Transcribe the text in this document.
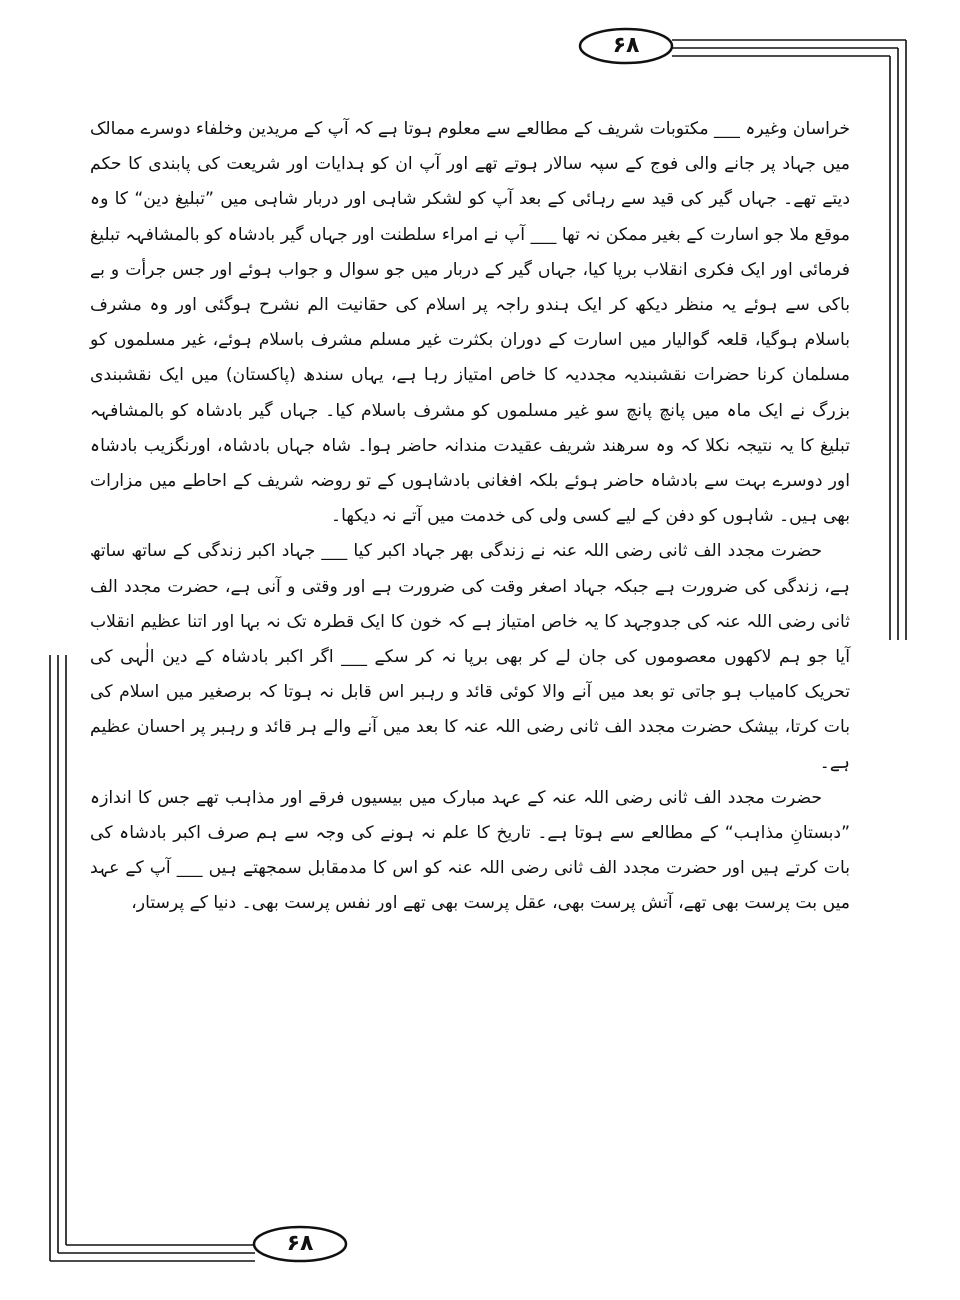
۶۸
۶۸

خراسان وغیرہ ___ مکتوبات شریف کے مطالعے سے معلوم ہوتا ہے کہ آپ کے مریدین وخلفاء دوسرے ممالک میں جہاد پر جانے والی فوج کے سپہ سالار ہوتے تھے اور آپ ان کو ہدایات اور شریعت کی پابندی کا حکم دیتے تھے۔ جہاں گیر کی قید سے رہائی کے بعد آپ کو لشکر شاہی اور دربار شاہی میں ”تبلیغ دین“ کا وہ موقع ملا جو اسارت کے بغیر ممکن نہ تھا ___ آپ نے امراء سلطنت اور جہاں گیر بادشاہ کو بالمشافہہ تبلیغ فرمائی اور ایک فکری انقلاب برپا کیا، جہاں گیر کے دربار میں جو سوال و جواب ہوئے اور جس جرأت و بے باکی سے ہوئے یہ منظر دیکھ کر ایک ہندو راجہ پر اسلام کی حقانیت الم نشرح ہوگئی اور وہ مشرف باسلام ہوگیا، قلعہ گوالیار میں اسارت کے دوران بکثرت غیر مسلم مشرف باسلام ہوئے، غیر مسلموں کو مسلمان کرنا حضرات نقشبندیہ مجددیہ کا خاص امتیاز رہا ہے، یہاں سندھ (پاکستان) میں ایک نقشبندی بزرگ نے ایک ماہ میں پانچ پانچ سو غیر مسلموں کو مشرف باسلام کیا۔ جہاں گیر بادشاہ کو بالمشافہہ تبلیغ کا یہ نتیجہ نکلا کہ وہ سرھند شریف عقیدت مندانہ حاضر ہوا۔ شاہ جہاں بادشاہ، اورنگزیب بادشاہ اور دوسرے بہت سے بادشاہ حاضر ہوئے بلکہ افغانی بادشاہوں کے تو روضہ شریف کے احاطے میں مزارات بھی ہیں۔ شاہوں کو دفن کے لیے کسی ولی کی خدمت میں آتے نہ دیکھا۔

حضرت مجدد الف ثانی رضی اللہ عنہ نے زندگی بھر جہاد اکبر کیا ___ جہاد اکبر زندگی کے ساتھ ساتھ ہے، زندگی کی ضرورت ہے جبکہ جہاد اصغر وقت کی ضرورت ہے اور وقتی و آنی ہے، حضرت مجدد الف ثانی رضی اللہ عنہ کی جدوجہد کا یہ خاص امتیاز ہے کہ خون کا ایک قطرہ تک نہ بہا اور اتنا عظیم انقلاب آیا جو ہم لاکھوں معصوموں کی جان لے کر بھی برپا نہ کر سکے ___ اگر اکبر بادشاہ کے دین الٰہی کی تحریک کامیاب ہو جاتی تو بعد میں آنے والا کوئی قائد و رہبر اس قابل نہ ہوتا کہ برصغیر میں اسلام کی بات کرتا، بیشک حضرت مجدد الف ثانی رضی اللہ عنہ کا بعد میں آنے والے ہر قائد و رہبر پر احسان عظیم ہے۔

حضرت مجدد الف ثانی رضی اللہ عنہ کے عہد مبارک میں بیسیوں فرقے اور مذاہب تھے جس کا اندازہ ”دبستانِ مذاہب“ کے مطالعے سے ہوتا ہے۔ تاریخ کا علم نہ ہونے کی وجہ سے ہم صرف اکبر بادشاہ کی بات کرتے ہیں اور حضرت مجدد الف ثانی رضی اللہ عنہ کو اس کا مدمقابل سمجھتے ہیں ___ آپ کے عہد میں بت پرست بھی تھے، آتش پرست بھی، عقل پرست بھی تھے اور نفس پرست بھی۔ دنیا کے پرستار،
